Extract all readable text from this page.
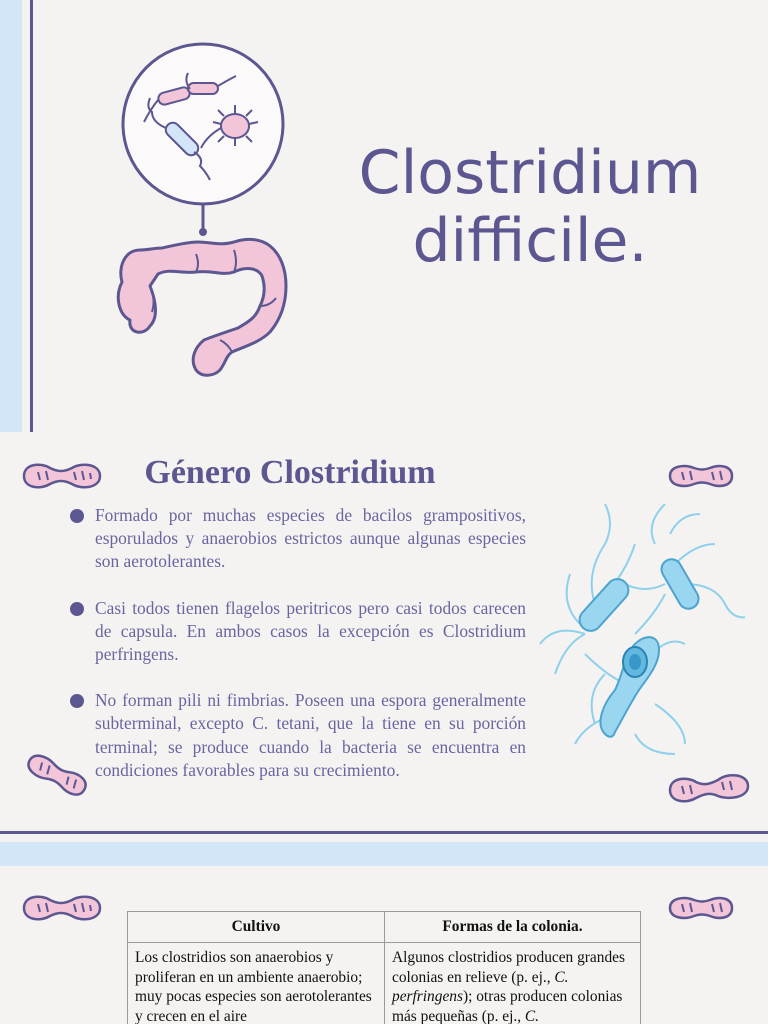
Clostridium
difficile.
Género Clostridium
Formado por muchas especies de bacilos grampositivos, esporulados y anaerobios estrictos aunque algunas especies son aerotolerantes.
Casi todos tienen flagelos peritricos pero casi todos carecen de capsula. En ambos casos la excepción es Clostridium perfringens.
No forman pili ni fimbrias. Poseen una espora generalmente subterminal, excepto C. tetani, que la tiene en su porción terminal; se produce cuando la bacteria se encuentra en condiciones favorables para su crecimiento.
Cultivo	Formas de la colonia.
Los clostridios son anaerobios y proliferan en un ambiente anaerobio; muy pocas especies son aerotolerantes y crecen en el aire	Algunos clostridios producen grandes colonias en relieve (p. ej., C. perfringens); otras producen colonias más pequeñas (p. ej., C.
